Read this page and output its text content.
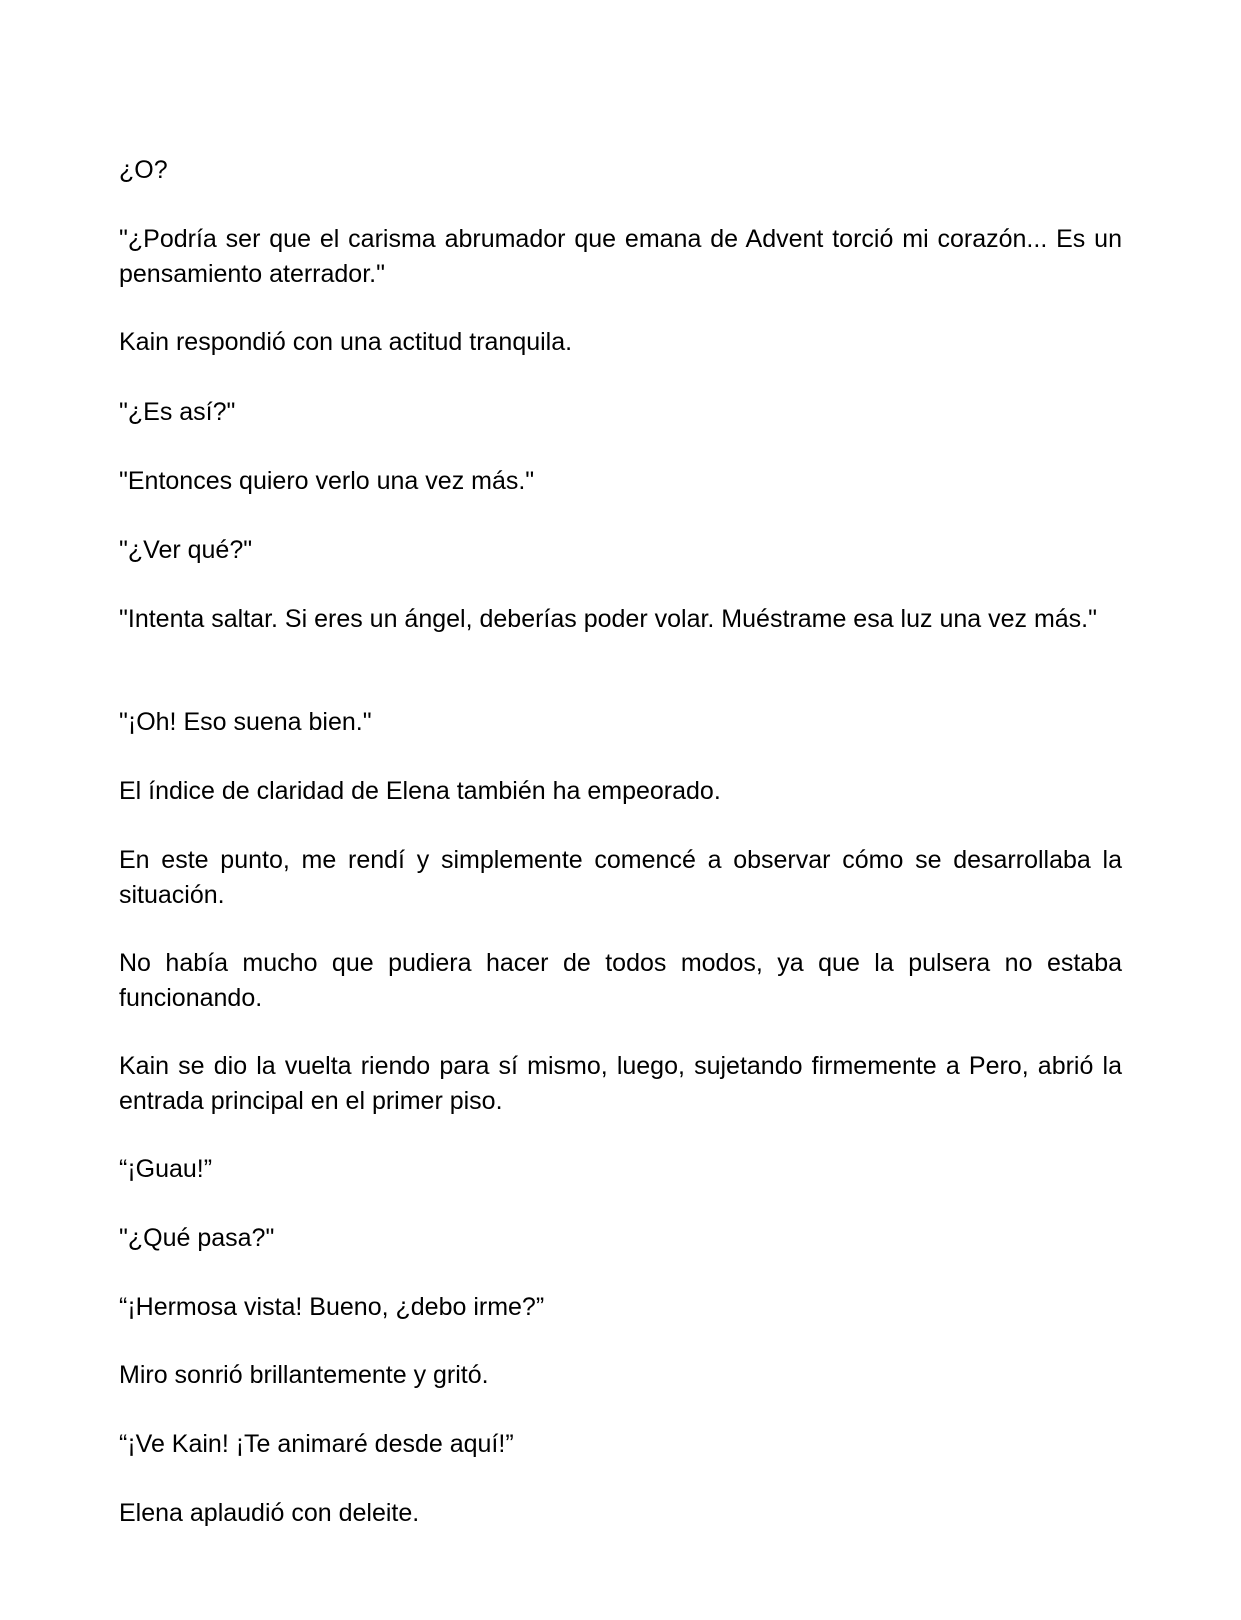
¿O?

"¿Podría ser que el carisma abrumador que emana de Advent torció mi corazón... Es un pensamiento aterrador."

Kain respondió con una actitud tranquila.

"¿Es así?"

"Entonces quiero verlo una vez más."

"¿Ver qué?"

"Intenta saltar. Si eres un ángel, deberías poder volar. Muéstrame esa luz una vez más."

"¡Oh! Eso suena bien."

El índice de claridad de Elena también ha empeorado.

En este punto, me rendí y simplemente comencé a observar cómo se desarrollaba la situación.

No había mucho que pudiera hacer de todos modos, ya que la pulsera no estaba funcionando.

Kain se dio la vuelta riendo para sí mismo, luego, sujetando firmemente a Pero, abrió la entrada principal en el primer piso.

“¡Guau!”

"¿Qué pasa?"

“¡Hermosa vista! Bueno, ¿debo irme?”

Miro sonrió brillantemente y gritó.

“¡Ve Kain! ¡Te animaré desde aquí!”

Elena aplaudió con deleite.
